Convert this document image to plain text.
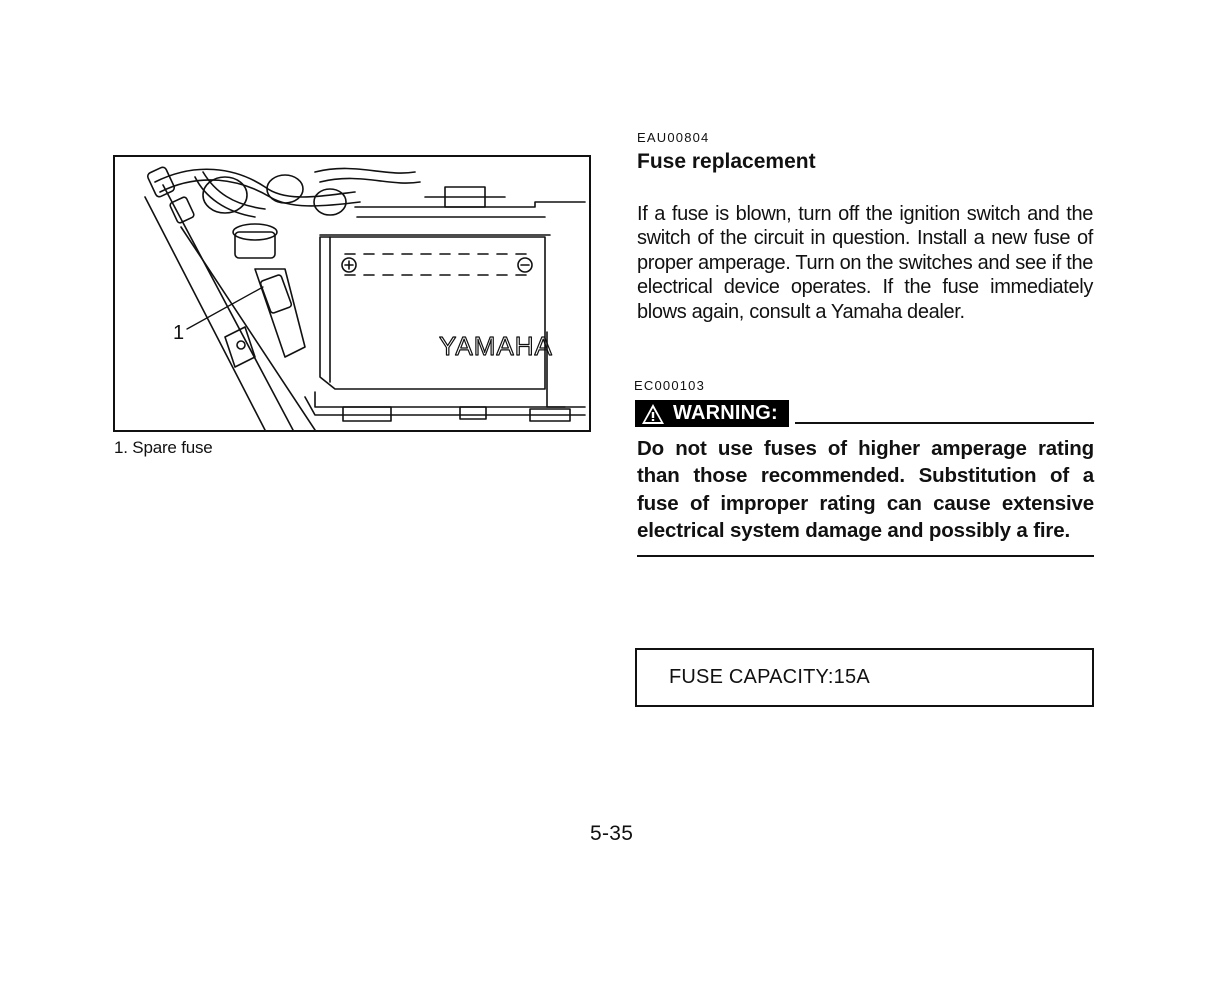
YAMAHA
1
1. Spare fuse
EAU00804
Fuse replacement
If a fuse is blown, turn off the ignition switch and the switch of the circuit in question. Install a new fuse of proper amperage. Turn on the switches and see if the electrical device operates. If the fuse immediately blows again, consult a Yamaha dealer.
EC000103
WARNING:
Do not use fuses of higher amperage rating than those recommended. Substitution of a fuse of improper rating can cause extensive electrical system damage and possibly a fire.
FUSE CAPACITY:15A
5-35
